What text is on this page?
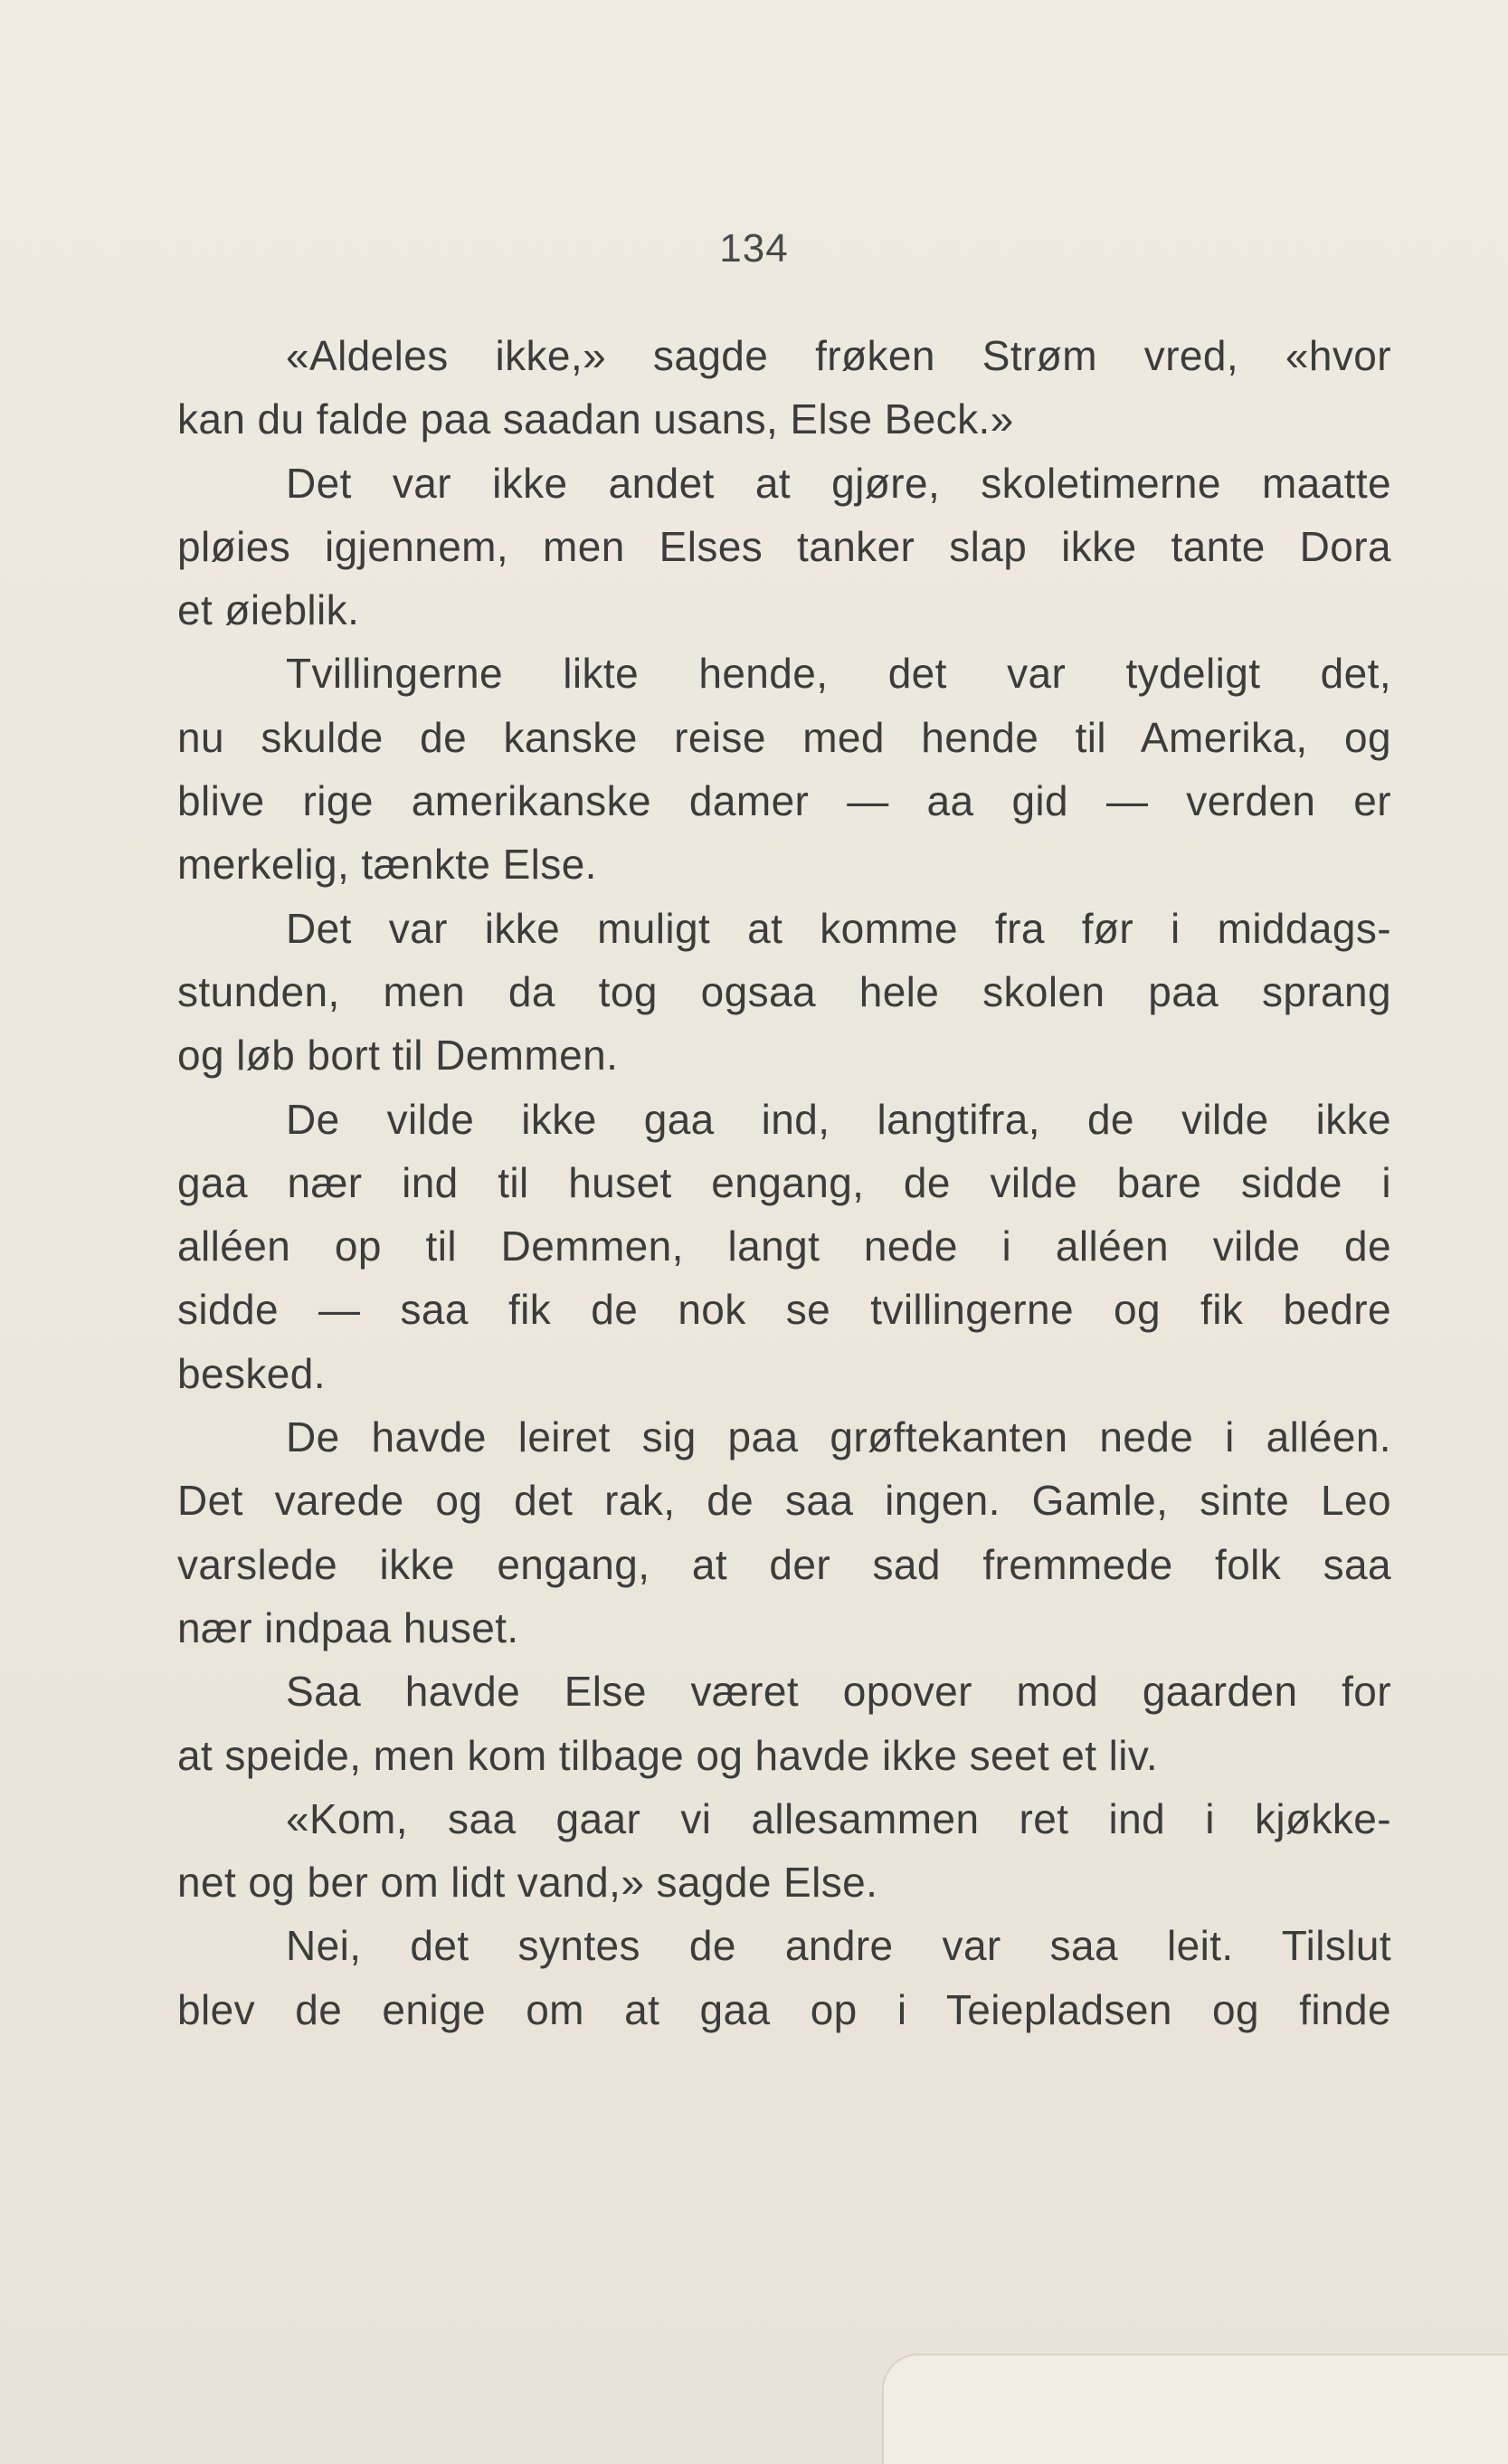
134
«Aldeles ikke,» sagde frøken Strøm vred, «hvor
kan du falde paa saadan usans, Else Beck.»
Det var ikke andet at gjøre, skoletimerne maatte
pløies igjennem, men Elses tanker slap ikke tante Dora
et øieblik.
Tvillingerne likte hende, det var tydeligt det,
nu skulde de kanske reise med hende til Amerika, og
blive rige amerikanske damer — aa gid — verden er
merkelig, tænkte Else.
Det var ikke muligt at komme fra før i middags-
stunden, men da tog ogsaa hele skolen paa sprang
og løb bort til Demmen.
De vilde ikke gaa ind, langtifra, de vilde ikke
gaa nær ind til huset engang, de vilde bare sidde i
alléen op til Demmen, langt nede i alléen vilde de
sidde — saa fik de nok se tvillingerne og fik bedre
besked.
De havde leiret sig paa grøftekanten nede i alléen.
Det varede og det rak, de saa ingen. Gamle, sinte Leo
varslede ikke engang, at der sad fremmede folk saa
nær indpaa huset.
Saa havde Else været opover mod gaarden for
at speide, men kom tilbage og havde ikke seet et liv.
«Kom, saa gaar vi allesammen ret ind i kjøkke-
net og ber om lidt vand,» sagde Else.
Nei, det syntes de andre var saa leit. Tilslut
blev de enige om at gaa op i Teiepladsen og finde
